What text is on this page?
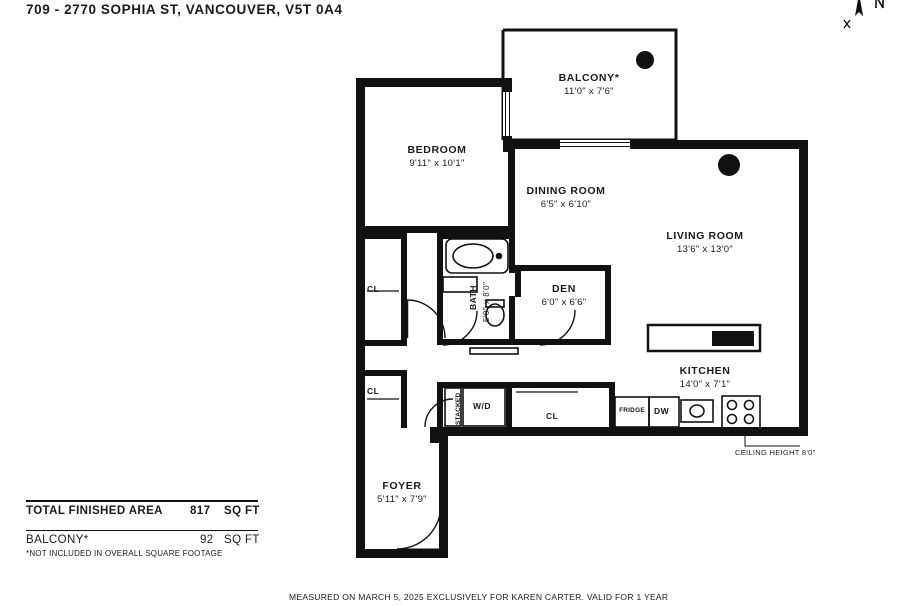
709 - 2770 SOPHIA ST, VANCOUVER, V5T 0A4
BALCONY*
11'0" x 7'6"
BEDROOM
9'11" x 10'1"
DINING ROOM
6'5" x 6'10"
LIVING ROOM
13'6" x 13'0"
DEN
6'0" x 6'6"
KITCHEN
14'0" x 7'1"
FOYER
5'11" x 7'9"
BATH 5'0" x 8'0"
CL
CL
CL
FRIDGE	DW
STACKED W/D
CEILING HEIGHT 8'0"
TOTAL FINISHED AREA 817 SQ FT
BALCONY*	92 SQ FT
*NOT INCLUDED IN OVERALL SQUARE FOOTAGE
MEASURED ON MARCH 5, 2025 EXCLUSIVELY FOR KAREN CARTER. VALID FOR 1 YEAR
